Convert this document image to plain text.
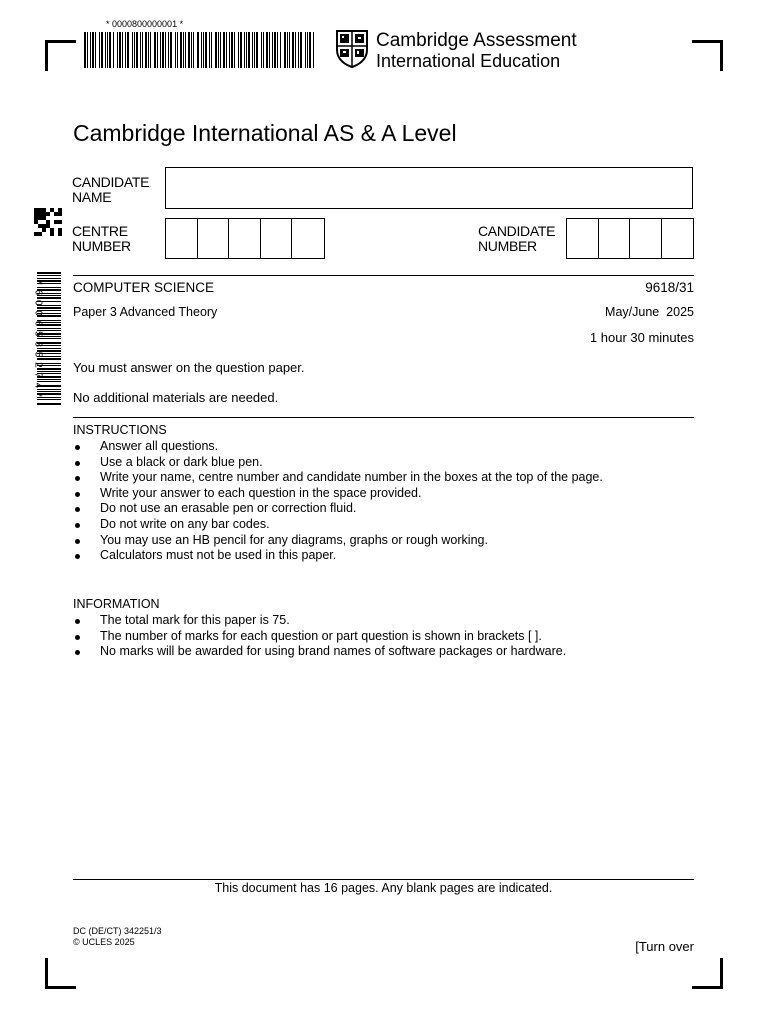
* 0000800000001 *
Cambridge Assessment
International Education
Cambridge International AS & A Level
CANDIDATE
NAME
CENTRE
NUMBER
CANDIDATE
NUMBER
* 6 0 0 6 5 3 5 2 7 4 * COMPUTER SCIENCE	9618/31
Paper 3 Advanced Theory	May/June  2025
1 hour 30 minutes
You must answer on the question paper.
No additional materials are needed.
INSTRUCTIONS
Answer all questions.
Use a black or dark blue pen.
Write your name, centre number and candidate number in the boxes at the top of the page.
Write your answer to each question in the space provided.
Do not use an erasable pen or correction fluid.
Do not write on any bar codes.
You may use an HB pencil for any diagrams, graphs or rough working.
Calculators must not be used in this paper.
INFORMATION
The total mark for this paper is 75.
The number of marks for each question or part question is shown in brackets [ ].
No marks will be awarded for using brand names of software packages or hardware.
This document has 16 pages. Any blank pages are indicated.
DC (DE/CT) 342251/3
© UCLES 2025	[Turn over
